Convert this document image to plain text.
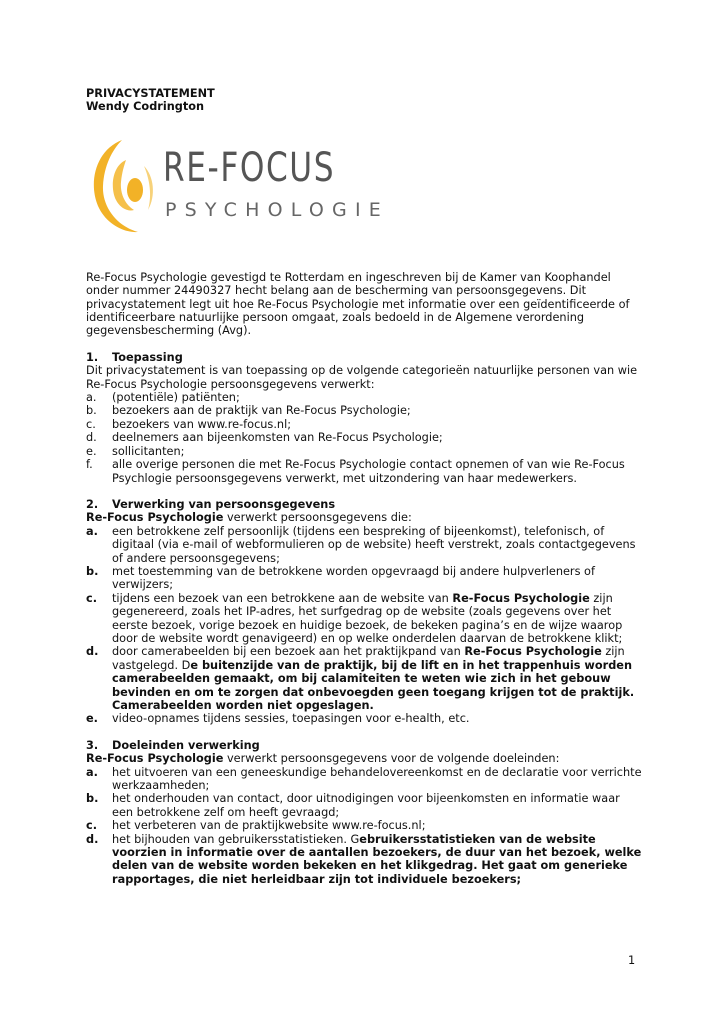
PRIVACYSTATEMENT
Wendy Codrington
RE-FOCUS
PSYCHOLOGIE

Re-Focus Psychologie gevestigd te Rotterdam en ingeschreven bij de Kamer van Koophandel onder nummer 24490327 hecht belang aan de bescherming van persoonsgegevens. Dit privacystatement legt uit hoe Re-Focus Psychologie met informatie over een geïdentificeerde of identificeerbare natuurlijke persoon omgaat, zoals bedoeld in de Algemene verordening gegevensbescherming (Avg).

1.	Toepassing

Dit privacystatement is van toepassing op de volgende categorieën natuurlijke personen van wie Re-Focus Psychologie persoonsgegevens verwerkt:

a.	(potentiële) patiënten;
b.	bezoekers aan de praktijk van Re-Focus Psychologie;
c.	bezoekers van www.re-focus.nl;
d.	deelnemers aan bijeenkomsten van Re-Focus Psychologie;
e.	sollicitanten;
f.	alle overige personen die met Re-Focus Psychologie contact opnemen of van wie Re-Focus Psychlogie persoonsgegevens verwerkt, met uitzondering van haar medewerkers.
2.	Verwerking van persoonsgegevens

Re-Focus Psychologie verwerkt persoonsgegevens die:

a.	een betrokkene zelf persoonlijk (tijdens een bespreking of bijeenkomst), telefonisch, of digitaal (via e-mail of webformulieren op de website) heeft verstrekt, zoals contactgegevens of andere persoonsgegevens;
b.	met toestemming van de betrokkene worden opgevraagd bij andere hulpverleners of verwijzers;
c.	tijdens een bezoek van een betrokkene aan de website van Re-Focus Psychologie zijn gegenereerd, zoals het IP-adres, het surfgedrag op de website (zoals gegevens over het eerste bezoek, vorige bezoek en huidige bezoek, de bekeken pagina’s en de wijze waarop door de website wordt genavigeerd) en op welke onderdelen daarvan de betrokkene klikt;
d.	door camerabeelden bij een bezoek aan het praktijkpand van Re-Focus Psychologie zijn vastgelegd. De buitenzijde van de praktijk, bij de lift en in het trappenhuis worden camerabeelden gemaakt, om bij calamiteiten te weten wie zich in het gebouw bevinden en om te zorgen dat onbevoegden geen toegang krijgen tot de praktijk. Camerabeelden worden niet opgeslagen.
e.	video-opnames tijdens sessies, toepasingen voor e-health, etc.
3.	Doeleinden verwerking

Re-Focus Psychologie verwerkt persoonsgegevens voor de volgende doeleinden:

a.	het uitvoeren van een geneeskundige behandelovereenkomst en de declaratie voor verrichte werkzaamheden;
b.	het onderhouden van contact, door uitnodigingen voor bijeenkomsten en informatie waar een betrokkene zelf om heeft gevraagd;
c.	het verbeteren van de praktijkwebsite www.re-focus.nl;
d.	het bijhouden van gebruikersstatistieken. Gebruikersstatistieken van de website voorzien in informatie over de aantallen bezoekers, de duur van het bezoek, welke delen van de website worden bekeken en het klikgedrag. Het gaat om generieke rapportages, die niet herleidbaar zijn tot individuele bezoekers;
1
